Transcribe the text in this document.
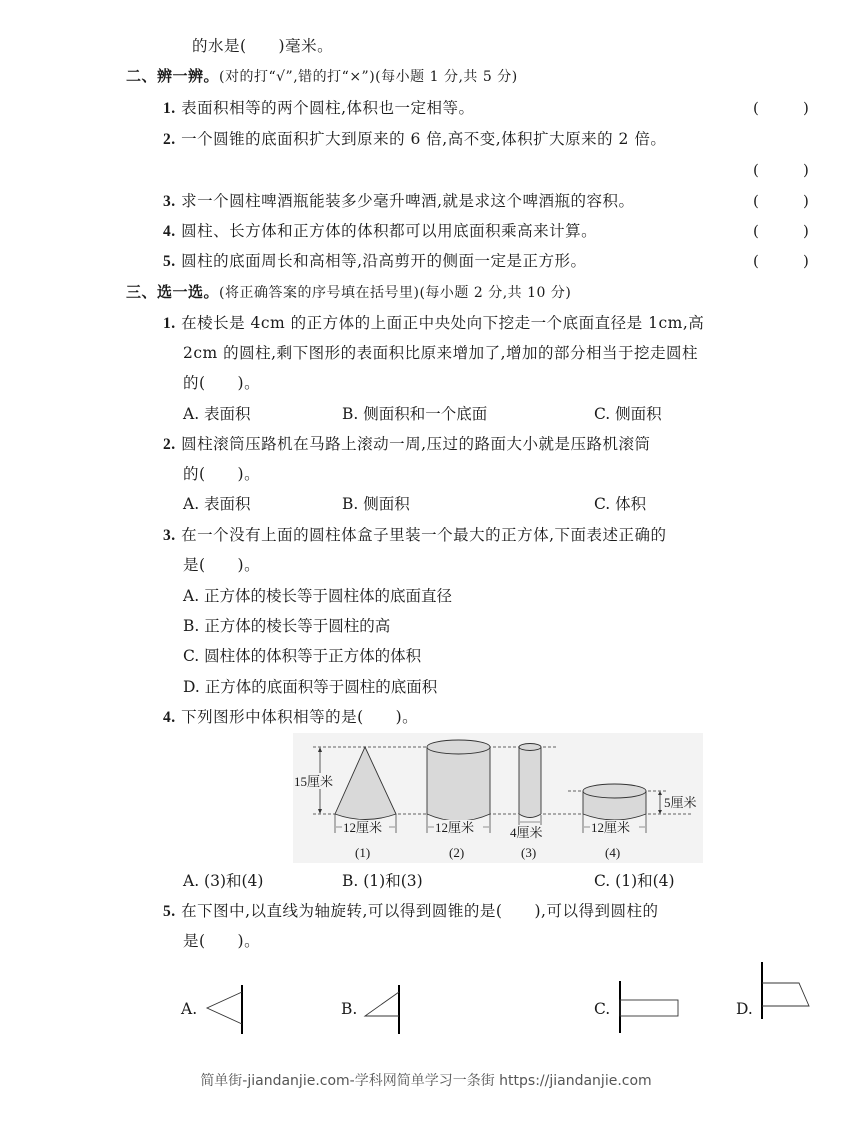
的水是(　　)毫米。
二、辨一辨。(对的打“√”,错的打“×”)(每小题 1 分,共 5 分)
1. 表面积相等的两个圆柱,体积也一定相等。	(	)
2. 一个圆锥的底面积扩大到原来的 6 倍,高不变,体积扩大原来的 2 倍。
(	)
3. 求一个圆柱啤酒瓶能装多少毫升啤酒,就是求这个啤酒瓶的容积。	(	)
4. 圆柱、长方体和正方体的体积都可以用底面积乘高来计算。	(	)
5. 圆柱的底面周长和高相等,沿高剪开的侧面一定是正方形。	(	)
三、选一选。(将正确答案的序号填在括号里)(每小题 2 分,共 10 分)
1. 在棱长是 4cm 的正方体的上面正中央处向下挖走一个底面直径是 1cm,高
2cm 的圆柱,剩下图形的表面积比原来增加了,增加的部分相当于挖走圆柱
的(　　)。
A. 表面积	B. 侧面积和一个底面	C. 侧面积
2. 圆柱滚筒压路机在马路上滚动一周,压过的路面大小就是压路机滚筒
的(　　)。
A. 表面积	B. 侧面积	C. 体积
3. 在一个没有上面的圆柱体盒子里装一个最大的正方体,下面表述正确的
是(　　)。
A. 正方体的棱长等于圆柱体的底面直径
B. 正方体的棱长等于圆柱的高
C. 圆柱体的体积等于正方体的体积
D. 正方体的底面积等于圆柱的底面积
4. 下列图形中体积相等的是(　　)。
15厘米
12厘米
(1)
12厘米
(2)
4厘米
(3)
12厘米
(4)
5厘米
A. (3)和(4)	B. (1)和(3)	C. (1)和(4)
5. 在下图中,以直线为轴旋转,可以得到圆锥的是(　　),可以得到圆柱的
是(　　)。
A.	B.	C.	D.
简单街-jiandanjie.com-学科网简单学习一条街 https://jiandanjie.com
